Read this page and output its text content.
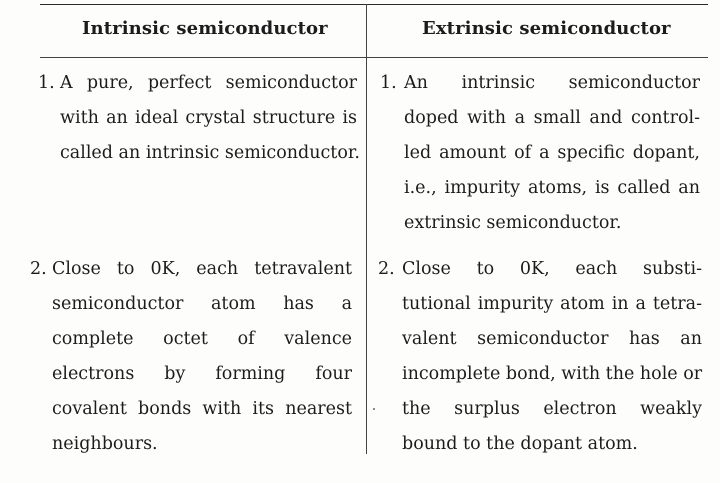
Intrinsic semiconductor	Extrinsic semiconductor
1. A pure, perfect semiconductor
with an ideal crystal structure is
called an intrinsic semiconductor.
1. An intrinsic semiconductor
doped with a small and control-
led amount of a specific dopant,
i.e., impurity atoms, is called an
extrinsic semiconductor.
2. Close to 0K, each tetravalent
semiconductor atom has a
complete octet of valence
electrons by forming four
covalent bonds with its nearest
neighbours.
2. Close to 0K, each substi-
tutional impurity atom in a tetra-
valent semiconductor has an
incomplete bond, with the hole or
the surplus electron weakly
bound to the dopant atom.
